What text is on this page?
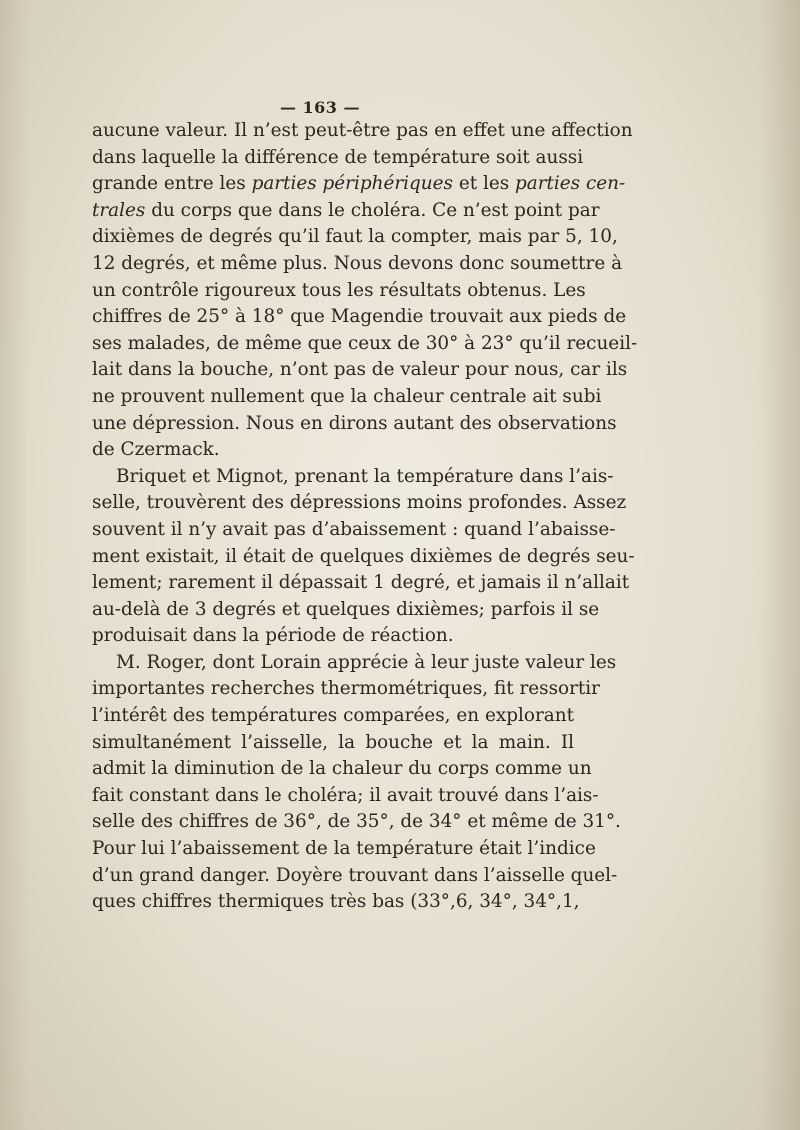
— 163 —
aucune valeur. Il n’est peut-être pas en effet une affection
dans laquelle la différence de température soit aussi
grande entre les parties périphériques et les parties cen-
trales du corps que dans le choléra. Ce n’est point par
dixièmes de degrés qu’il faut la compter, mais par 5, 10,
12 degrés, et même plus. Nous devons donc soumettre à
un contrôle rigoureux tous les résultats obtenus. Les
chiffres de 25° à 18° que Magendie trouvait aux pieds de
ses malades, de même que ceux de 30° à 23° qu’il recueil-
lait dans la bouche, n’ont pas de valeur pour nous, car ils
ne prouvent nullement que la chaleur centrale ait subi
une dépression. Nous en dirons autant des observations
de Czermack.
Briquet et Mignot, prenant la température dans l’ais-
selle, trouvèrent des dépressions moins profondes. Assez
souvent il n’y avait pas d’abaissement : quand l’abaisse-
ment existait, il était de quelques dixièmes de degrés seu-
lement; rarement il dépassait 1 degré, et jamais il n’allait
au-delà de 3 degrés et quelques dixièmes; parfois il se
produisait dans la période de réaction.
M. Roger, dont Lorain apprécie à leur juste valeur les
importantes recherches thermométriques, fit ressortir
l’intérêt des températures comparées, en explorant
simultanément l’aisselle, la bouche et la main. Il
admit la diminution de la chaleur du corps comme un
fait constant dans le choléra; il avait trouvé dans l’ais-
selle des chiffres de 36°, de 35°, de 34° et même de 31°.
Pour lui l’abaissement de la température était l’indice
d’un grand danger. Doyère trouvant dans l’aisselle quel-
ques chiffres thermiques très bas (33°,6, 34°, 34°,1,
